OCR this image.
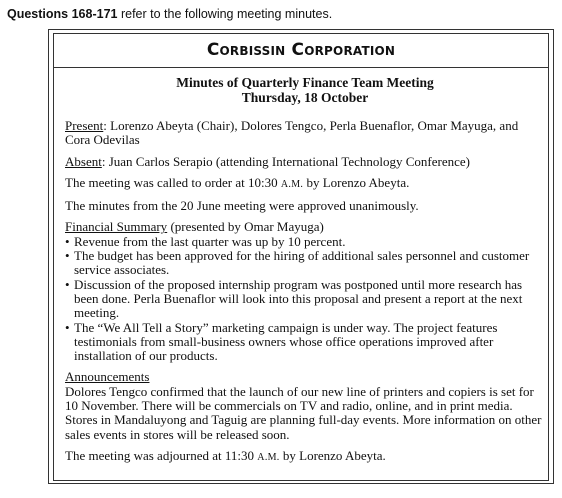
Questions 168-171 refer to the following meeting minutes.
Corbissin Corporation
Minutes of Quarterly Finance Team Meeting
Thursday, 18 October

Present: Lorenzo Abeyta (Chair), Dolores Tengco, Perla Buenaflor, Omar Mayuga, and Cora Odevilas

Absent: Juan Carlos Serapio (attending International Technology Conference)

The meeting was called to order at 10:30 A.M. by Lorenzo Abeyta.

The minutes from the 20 June meeting were approved unanimously.

Financial Summary (presented by Omar Mayuga)

• Revenue from the last quarter was up by 10 percent.
• The budget has been approved for the hiring of additional sales personnel and customer service associates.
• Discussion of the proposed internship program was postponed until more research has been done. Perla Buenaflor will look into this proposal and present a report at the next meeting.
• The “We All Tell a Story” marketing campaign is under way. The project features testimonials from small-business owners whose office operations improved after installation of our products.

Announcements

Dolores Tengco confirmed that the launch of our new line of printers and copiers is set for 10 November. There will be commercials on TV and radio, online, and in print media. Stores in Mandaluyong and Taguig are planning full-day events. More information on other sales events in stores will be released soon.

The meeting was adjourned at 11:30 A.M. by Lorenzo Abeyta.
